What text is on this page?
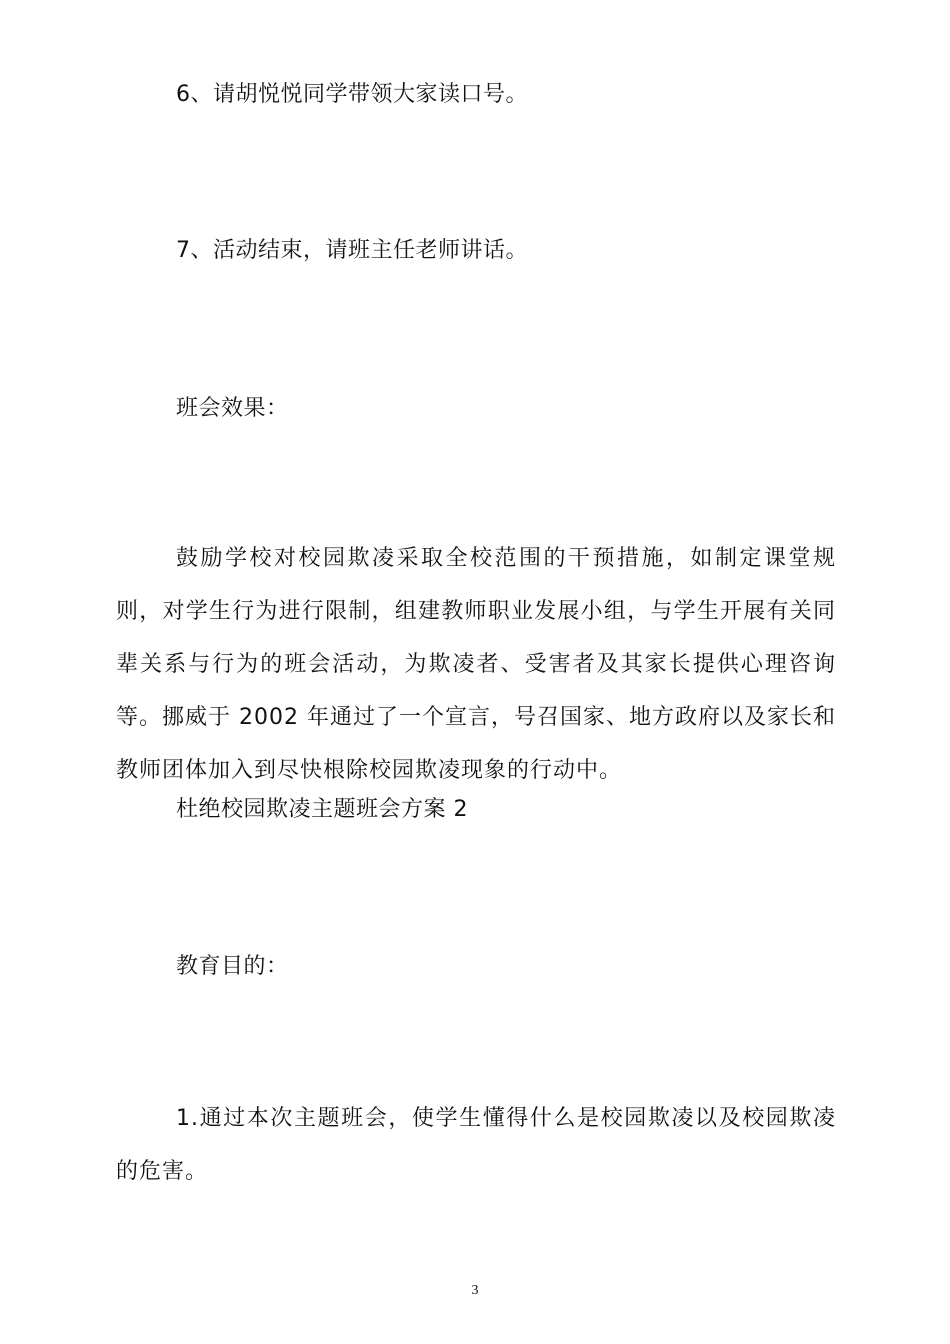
6、请胡悦悦同学带领大家读口号。
7、活动结束，请班主任老师讲话。
班会效果：

鼓励学校对校园欺凌采取全校范围的干预措施，如制定课堂规则，对学生行为进行限制，组建教师职业发展小组，与学生开展有关同辈关系与行为的班会活动，为欺凌者、受害者及其家长提供心理咨询等。挪威于 2002 年通过了一个宣言，号召国家、地方政府以及家长和教师团体加入到尽快根除校园欺凌现象的行动中。

杜绝校园欺凌主题班会方案 2
教育目的：

1.通过本次主题班会，使学生懂得什么是校园欺凌以及校园欺凌的危害。

3
